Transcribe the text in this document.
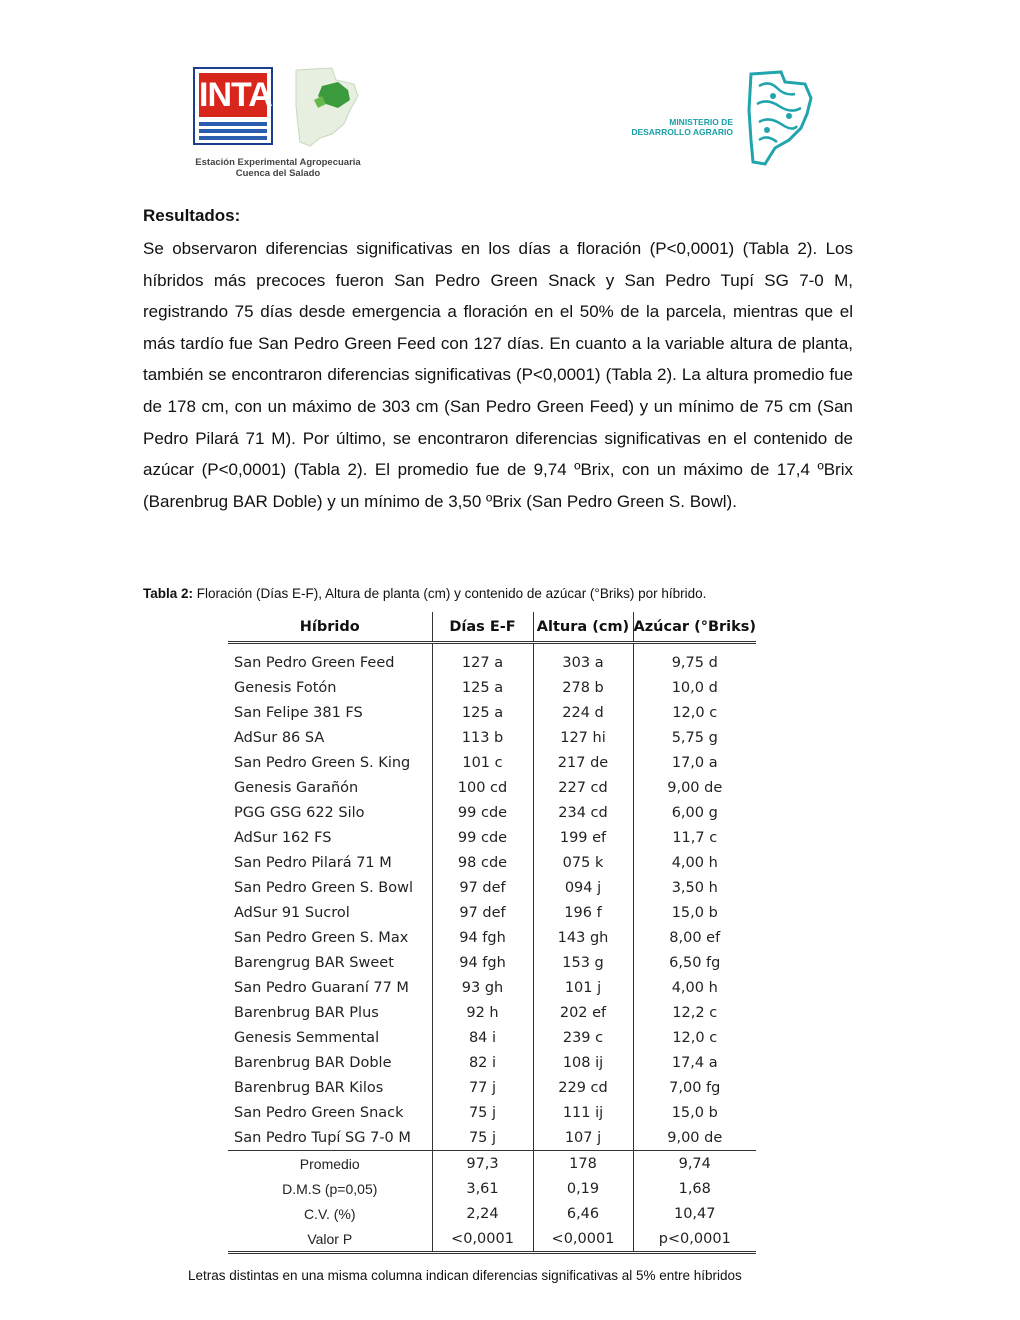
INTA
Estación Experimental Agropecuaria
Cuenca del Salado
MINISTERIO DE
DESARROLLO AGRARIO
Resultados:
Se observaron diferencias significativas en los días a floración (P<0,0001) (Tabla 2). Los híbridos más precoces fueron San Pedro Green Snack y San Pedro Tupí SG 7-0 M, registrando 75 días desde emergencia a floración en el 50% de la parcela, mientras que el más tardío fue San Pedro Green Feed con 127 días. En cuanto a la variable altura de planta, también se encontraron diferencias significativas (P<0,0001) (Tabla 2). La altura promedio fue de 178 cm, con un máximo de 303 cm (San Pedro Green Feed) y un mínimo de 75 cm (San Pedro Pilará 71 M). Por último, se encontraron diferencias significativas en el contenido de azúcar (P<0,0001) (Tabla 2). El promedio fue de 9,74 ºBrix, con un máximo de 17,4 ºBrix (Barenbrug BAR Doble) y un mínimo de 3,50 ºBrix (San Pedro Green S. Bowl).
Tabla 2: Floración (Días E-F), Altura de planta (cm) y contenido de azúcar (°Briks) por híbrido.
Híbrido	Días E-F	Altura (cm)	Azúcar (°Briks)
San Pedro Green Feed	127 a	303 a	9,75 d
Genesis Fotón	125 a	278 b	10,0 d
San Felipe 381 FS	125 a	224 d	12,0 c
AdSur 86 SA	113 b	127 hi	5,75 g
San Pedro Green S. King	101 c	217 de	17,0 a
Genesis Garañón	100 cd	227 cd	9,00 de
PGG GSG 622 Silo	99 cde	234 cd	6,00 g
AdSur 162 FS	99 cde	199 ef	11,7 c
San Pedro Pilará 71 M	98 cde	075 k	4,00 h
San Pedro Green S. Bowl	97 def	094 j	3,50 h
AdSur 91 Sucrol	97 def	196 f	15,0 b
San Pedro Green S. Max	94 fgh	143 gh	8,00 ef
Barengrug BAR Sweet	94 fgh	153 g	6,50 fg
San Pedro Guaraní 77 M	93 gh	101 j	4,00 h
Barenbrug BAR Plus	92 h	202 ef	12,2 c
Genesis Semmental	84 i	239 c	12,0 c
Barenbrug BAR Doble	82 i	108 ij	17,4 a
Barenbrug BAR Kilos	77 j	229 cd	7,00 fg
San Pedro Green Snack	75 j	111 ij	15,0 b
San Pedro Tupí SG 7-0 M	75 j	107 j	9,00 de
Promedio	97,3	178	9,74
D.M.S (p=0,05)	3,61	0,19	1,68
C.V. (%)	2,24	6,46	10,47
Valor P	<0,0001	<0,0001	p<0,0001
Letras distintas en una misma columna indican diferencias significativas al 5% entre híbridos
